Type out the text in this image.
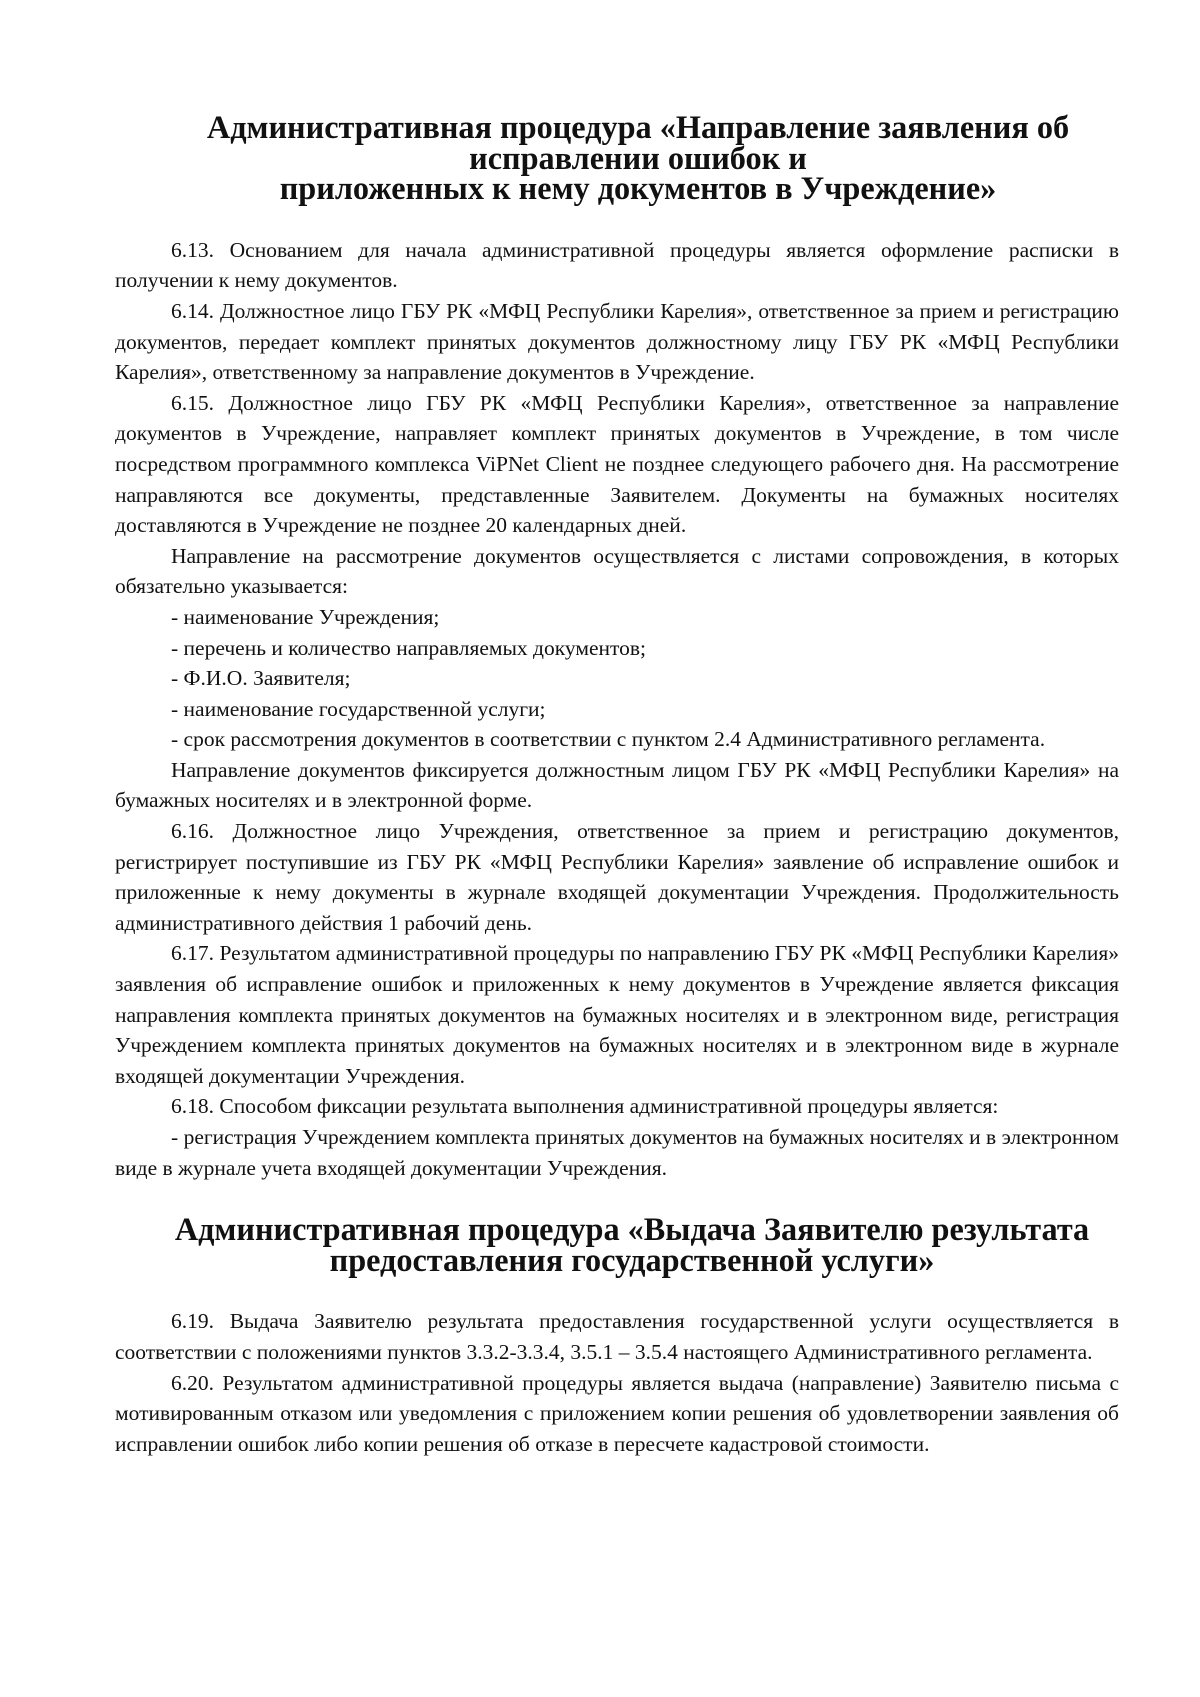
Административная процедура «Направление заявления об исправлении ошибок и
приложенных к нему документов в Учреждение»

6.13. Основанием для начала административной процедуры является оформление расписки в получении к нему документов.

6.14. Должностное лицо ГБУ РК «МФЦ Республики Карелия», ответственное за прием и регистрацию документов, передает комплект принятых документов должностному лицу ГБУ РК «МФЦ Республики Карелия», ответственному за направление документов в Учреждение.

6.15. Должностное лицо ГБУ РК «МФЦ Республики Карелия», ответственное за направление документов в Учреждение, направляет комплект принятых документов в Учреждение, в том числе посредством программного комплекса ViPNet Client не позднее следующего рабочего дня. На рассмотрение направляются все документы, представленные Заявителем. Документы на бумажных носителях доставляются в Учреждение не позднее 20 календарных дней.

Направление на рассмотрение документов осуществляется с листами сопровождения, в которых обязательно указывается:

- наименование Учреждения;

- перечень и количество направляемых документов;

- Ф.И.О. Заявителя;

- наименование государственной услуги;

- срок рассмотрения документов в соответствии с пунктом 2.4 Административного регламента.

Направление документов фиксируется должностным лицом ГБУ РК «МФЦ Республики Карелия» на бумажных носителях и в электронной форме.

6.16. Должностное лицо Учреждения, ответственное за прием и регистрацию документов, регистрирует поступившие из ГБУ РК «МФЦ Республики Карелия» заявление об исправление ошибок и приложенные к нему документы в журнале входящей документации Учреждения. Продолжительность административного действия 1 рабочий день.

6.17. Результатом административной процедуры по направлению ГБУ РК «МФЦ Республики Карелия» заявления об исправление ошибок и приложенных к нему документов в Учреждение является фиксация направления комплекта принятых документов на бумажных носителях и в электронном виде, регистрация Учреждением комплекта принятых документов на бумажных носителях и в электронном виде в журнале входящей документации Учреждения.

6.18. Способом фиксации результата выполнения административной процедуры является:

- регистрация Учреждением комплекта принятых документов на бумажных носителях и в электронном виде в журнале учета входящей документации Учреждения.

Административная процедура «Выдача Заявителю результата
предоставления государственной услуги»

6.19. Выдача Заявителю результата предоставления государственной услуги осуществляется в соответствии с положениями пунктов 3.3.2-3.3.4, 3.5.1 – 3.5.4 настоящего Административного регламента.

6.20. Результатом административной процедуры является выдача (направление) Заявителю письма с мотивированным отказом или уведомления с приложением копии решения об удовлетворении заявления об исправлении ошибок либо копии решения об отказе в пересчете кадастровой стоимости.
